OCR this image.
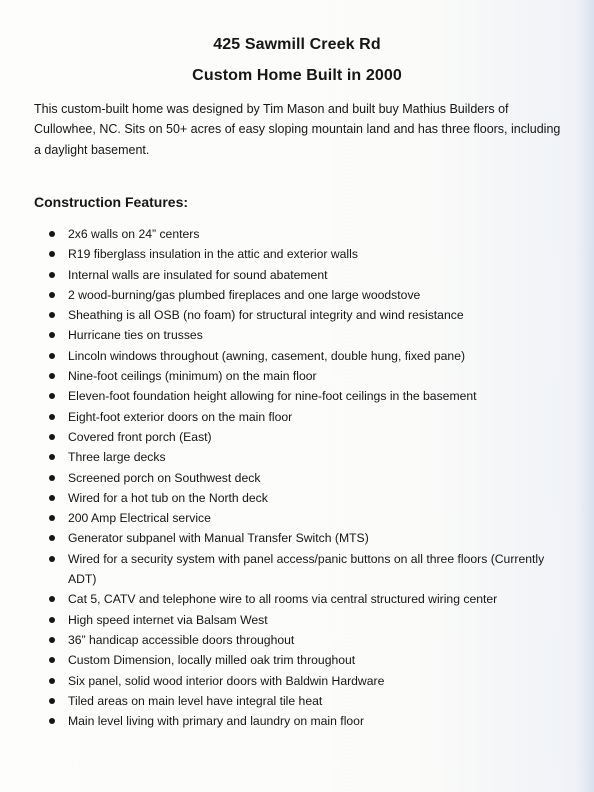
425 Sawmill Creek Rd
Custom Home Built in 2000

This custom-built home was designed by Tim Mason and built buy Mathius Builders of Cullowhee, NC. Sits on 50+ acres of easy sloping mountain land and has three floors, including a daylight basement.

Construction Features:
2x6 walls on 24” centers
R19 fiberglass insulation in the attic and exterior walls
Internal walls are insulated for sound abatement
2 wood-burning/gas plumbed fireplaces and one large woodstove
Sheathing is all OSB (no foam) for structural integrity and wind resistance
Hurricane ties on trusses
Lincoln windows throughout (awning, casement, double hung, fixed pane)
Nine-foot ceilings (minimum) on the main floor
Eleven-foot foundation height allowing for nine-foot ceilings in the basement
Eight-foot exterior doors on the main floor
Covered front porch (East)
Three large decks
Screened porch on Southwest deck
Wired for a hot tub on the North deck
200 Amp Electrical service
Generator subpanel with Manual Transfer Switch (MTS)
Wired for a security system with panel access/panic buttons on all three floors (Currently ADT)
Cat 5, CATV and telephone wire to all rooms via central structured wiring center
High speed internet via Balsam West
36” handicap accessible doors throughout
Custom Dimension, locally milled oak trim throughout
Six panel, solid wood interior doors with Baldwin Hardware
Tiled areas on main level have integral tile heat
Main level living with primary and laundry on main floor
